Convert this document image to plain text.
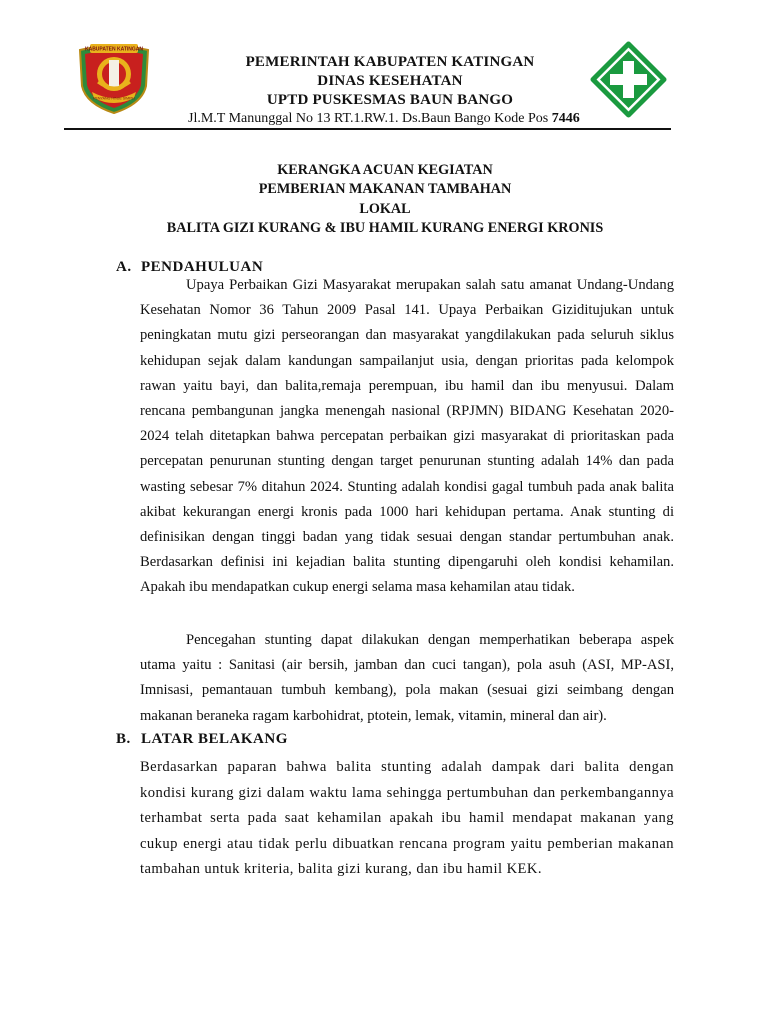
KABUPATEN KATINGAN
PENYANG HINJE SIMPEI
PEMERINTAH KABUPATEN KATINGAN
DINAS KESEHATAN
UPTD PUSKESMAS BAUN BANGO
Jl.M.T Manunggal No 13 RT.1.RW.1. Ds.Baun Bango Kode Pos 7446
KERANGKA ACUAN KEGIATAN
PEMBERIAN MAKANAN TAMBAHAN
LOKAL
BALITA GIZI KURANG & IBU HAMIL KURANG ENERGI KRONIS
A. PENDAHULUAN

Upaya Perbaikan Gizi Masyarakat merupakan salah satu amanat Undang-Undang Kesehatan Nomor 36 Tahun 2009 Pasal 141. Upaya Perbaikan Giziditujukan untuk peningkatan mutu gizi perseorangan dan masyarakat yangdilakukan pada seluruh siklus kehidupan sejak dalam kandungan sampailanjut usia, dengan prioritas pada kelompok rawan yaitu bayi, dan balita,remaja perempuan, ibu hamil dan ibu menyusui. Dalam rencana pembangunan jangka menengah nasional (RPJMN) BIDANG Kesehatan 2020-2024 telah ditetapkan bahwa percepatan perbaikan gizi masyarakat di prioritaskan pada percepatan penurunan stunting dengan target penurunan stunting adalah 14% dan pada wasting sebesar 7% ditahun 2024. Stunting adalah kondisi gagal tumbuh pada anak balita akibat kekurangan energi kronis pada 1000 hari kehidupan pertama. Anak stunting di definisikan dengan tinggi badan yang tidak sesuai dengan standar pertumbuhan anak. Berdasarkan definisi ini kejadian balita stunting dipengaruhi oleh kondisi kehamilan. Apakah ibu mendapatkan cukup energi selama masa kehamilan atau tidak.

Pencegahan stunting dapat dilakukan dengan memperhatikan beberapa aspek utama yaitu : Sanitasi (air bersih, jamban dan cuci tangan), pola asuh (ASI, MP-ASI, Imnisasi, pemantauan tumbuh kembang), pola makan (sesuai gizi seimbang dengan makanan beraneka ragam karbohidrat, ptotein, lemak, vitamin, mineral dan air).

B. LATAR BELAKANG

Berdasarkan paparan bahwa balita stunting adalah dampak dari balita dengan kondisi kurang gizi dalam waktu lama sehingga pertumbuhan dan perkembangannya terhambat serta pada saat kehamilan apakah ibu hamil mendapat makanan yang cukup energi atau tidak perlu dibuatkan rencana program yaitu pemberian makanan tambahan untuk kriteria, balita gizi kurang, dan ibu hamil KEK.
